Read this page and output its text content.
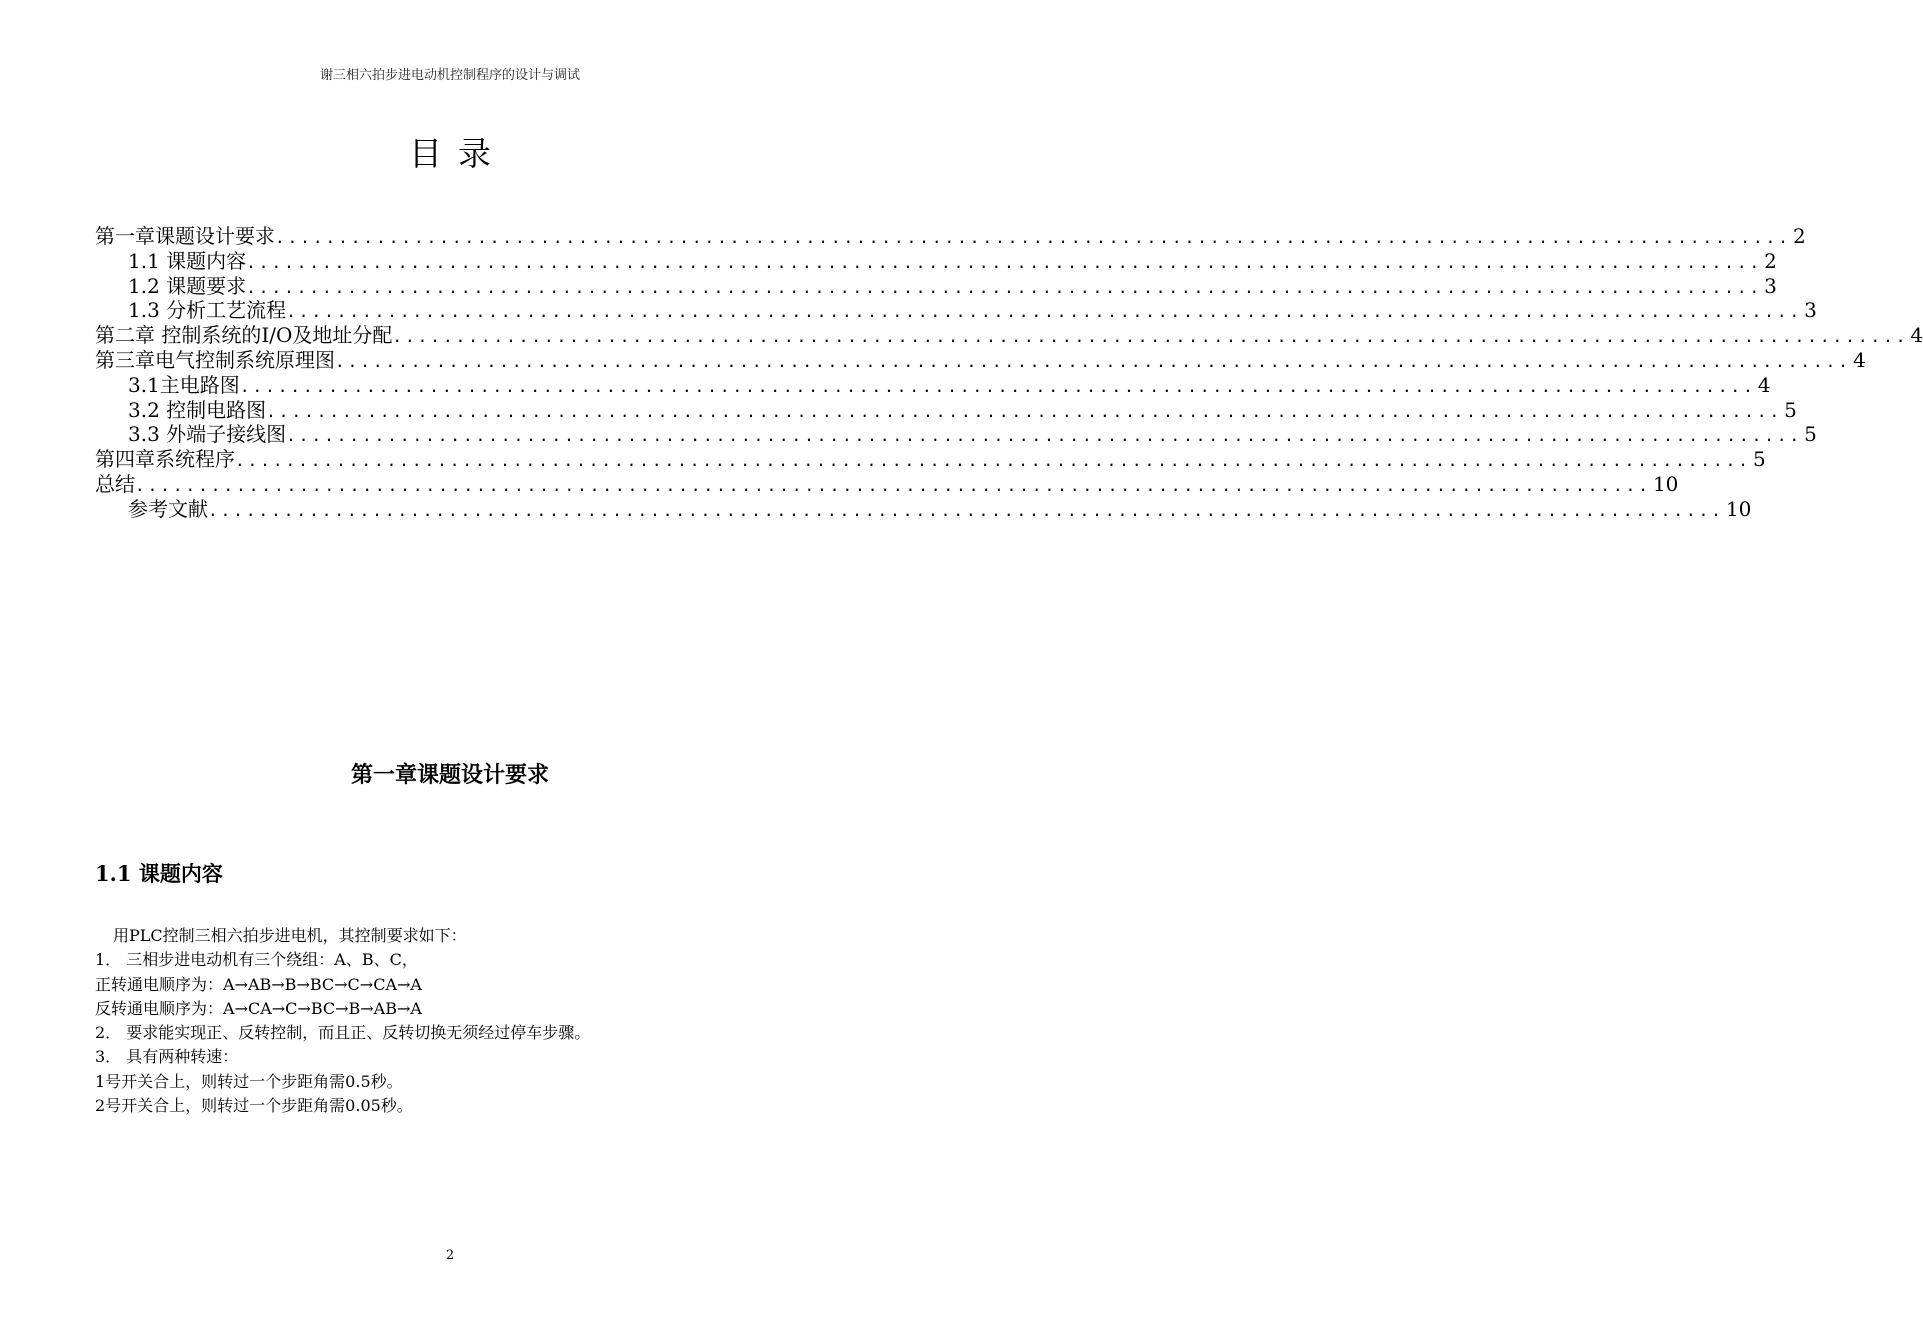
谢三相六拍步进电动机控制程序的设计与调试
目录
第一章课题设计要求 ........................................................................................................................ 2
1.1 课题内容 ........................................................................................................................ 2
1.2 课题要求 ........................................................................................................................ 3
1.3 分析工艺流程 ........................................................................................................................ 3
第二章 控制系统的I/O及地址分配 ........................................................................................................................ 4
第三章电气控制系统原理图 ........................................................................................................................ 4
3.1主电路图 ........................................................................................................................ 4
3.2 控制电路图 ........................................................................................................................ 5
3.3 外端子接线图 ........................................................................................................................ 5
第四章系统程序 ........................................................................................................................ 5
总结 ........................................................................................................................ 10
参考文献 ........................................................................................................................ 10
第一章课题设计要求
1.1 课题内容
用PLC控制三相六拍步进电机，其控制要求如下：
1． 三相步进电动机有三个绕组：A、B、C，
正转通电顺序为：A→AB→B→BC→C→CA→A
反转通电顺序为：A→CA→C→BC→B→AB→A
2． 要求能实现正、反转控制，而且正、反转切换无须经过停车步骤。
3． 具有两种转速：
1号开关合上，则转过一个步距角需0.5秒。
2号开关合上，则转过一个步距角需0.05秒。
2
